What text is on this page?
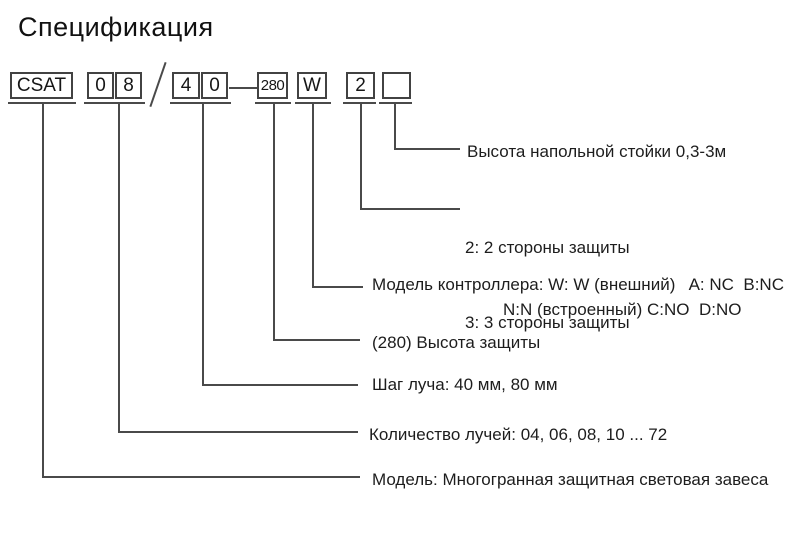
Спецификация
CSAT	0 8	4 0	280 W	2
Высота напольной стойки 0,3-3м

2: 2 стороны защиты

3: 3 стороны защиты

Модель контроллера: W: W (внешний)   A: NC  B:NC
N:N (встроенный) C:NO  D:NO
(280) Высота защиты
Шаг луча: 40 мм, 80 мм
Количество лучей: 04, 06, 08, 10 ... 72
Модель: Многогранная защитная световая завеса
